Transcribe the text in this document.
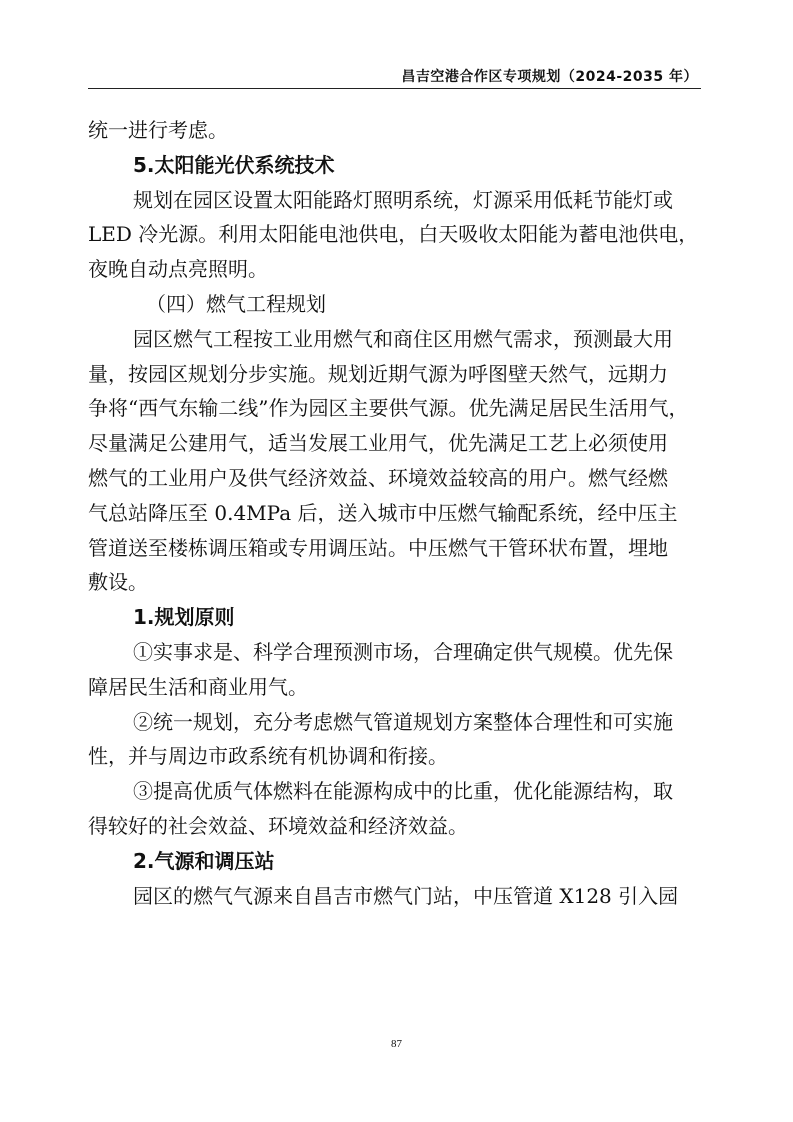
昌吉空港合作区专项规划（2024-2035 年）
统一进行考虑。
5.太阳能光伏系统技术
规划在园区设置太阳能路灯照明系统，灯源采用低耗节能灯或
LED 冷光源。利用太阳能电池供电，白天吸收太阳能为蓄电池供电，
夜晚自动点亮照明。
（四）燃气工程规划
园区燃气工程按工业用燃气和商住区用燃气需求，预测最大用
量，按园区规划分步实施。规划近期气源为呼图壁天然气，远期力
争将“西气东输二线”作为园区主要供气源。优先满足居民生活用气，
尽量满足公建用气，适当发展工业用气，优先满足工艺上必须使用
燃气的工业用户及供气经济效益、环境效益较高的用户。燃气经燃
气总站降压至 0.4MPa 后，送入城市中压燃气输配系统，经中压主
管道送至楼栋调压箱或专用调压站。中压燃气干管环状布置，埋地
敷设。
1.规划原则
①实事求是、科学合理预测市场，合理确定供气规模。优先保
障居民生活和商业用气。
②统一规划，充分考虑燃气管道规划方案整体合理性和可实施
性，并与周边市政系统有机协调和衔接。
③提高优质气体燃料在能源构成中的比重，优化能源结构，取
得较好的社会效益、环境效益和经济效益。
2.气源和调压站
园区的燃气气源来自昌吉市燃气门站，中压管道 X128 引入园
87
